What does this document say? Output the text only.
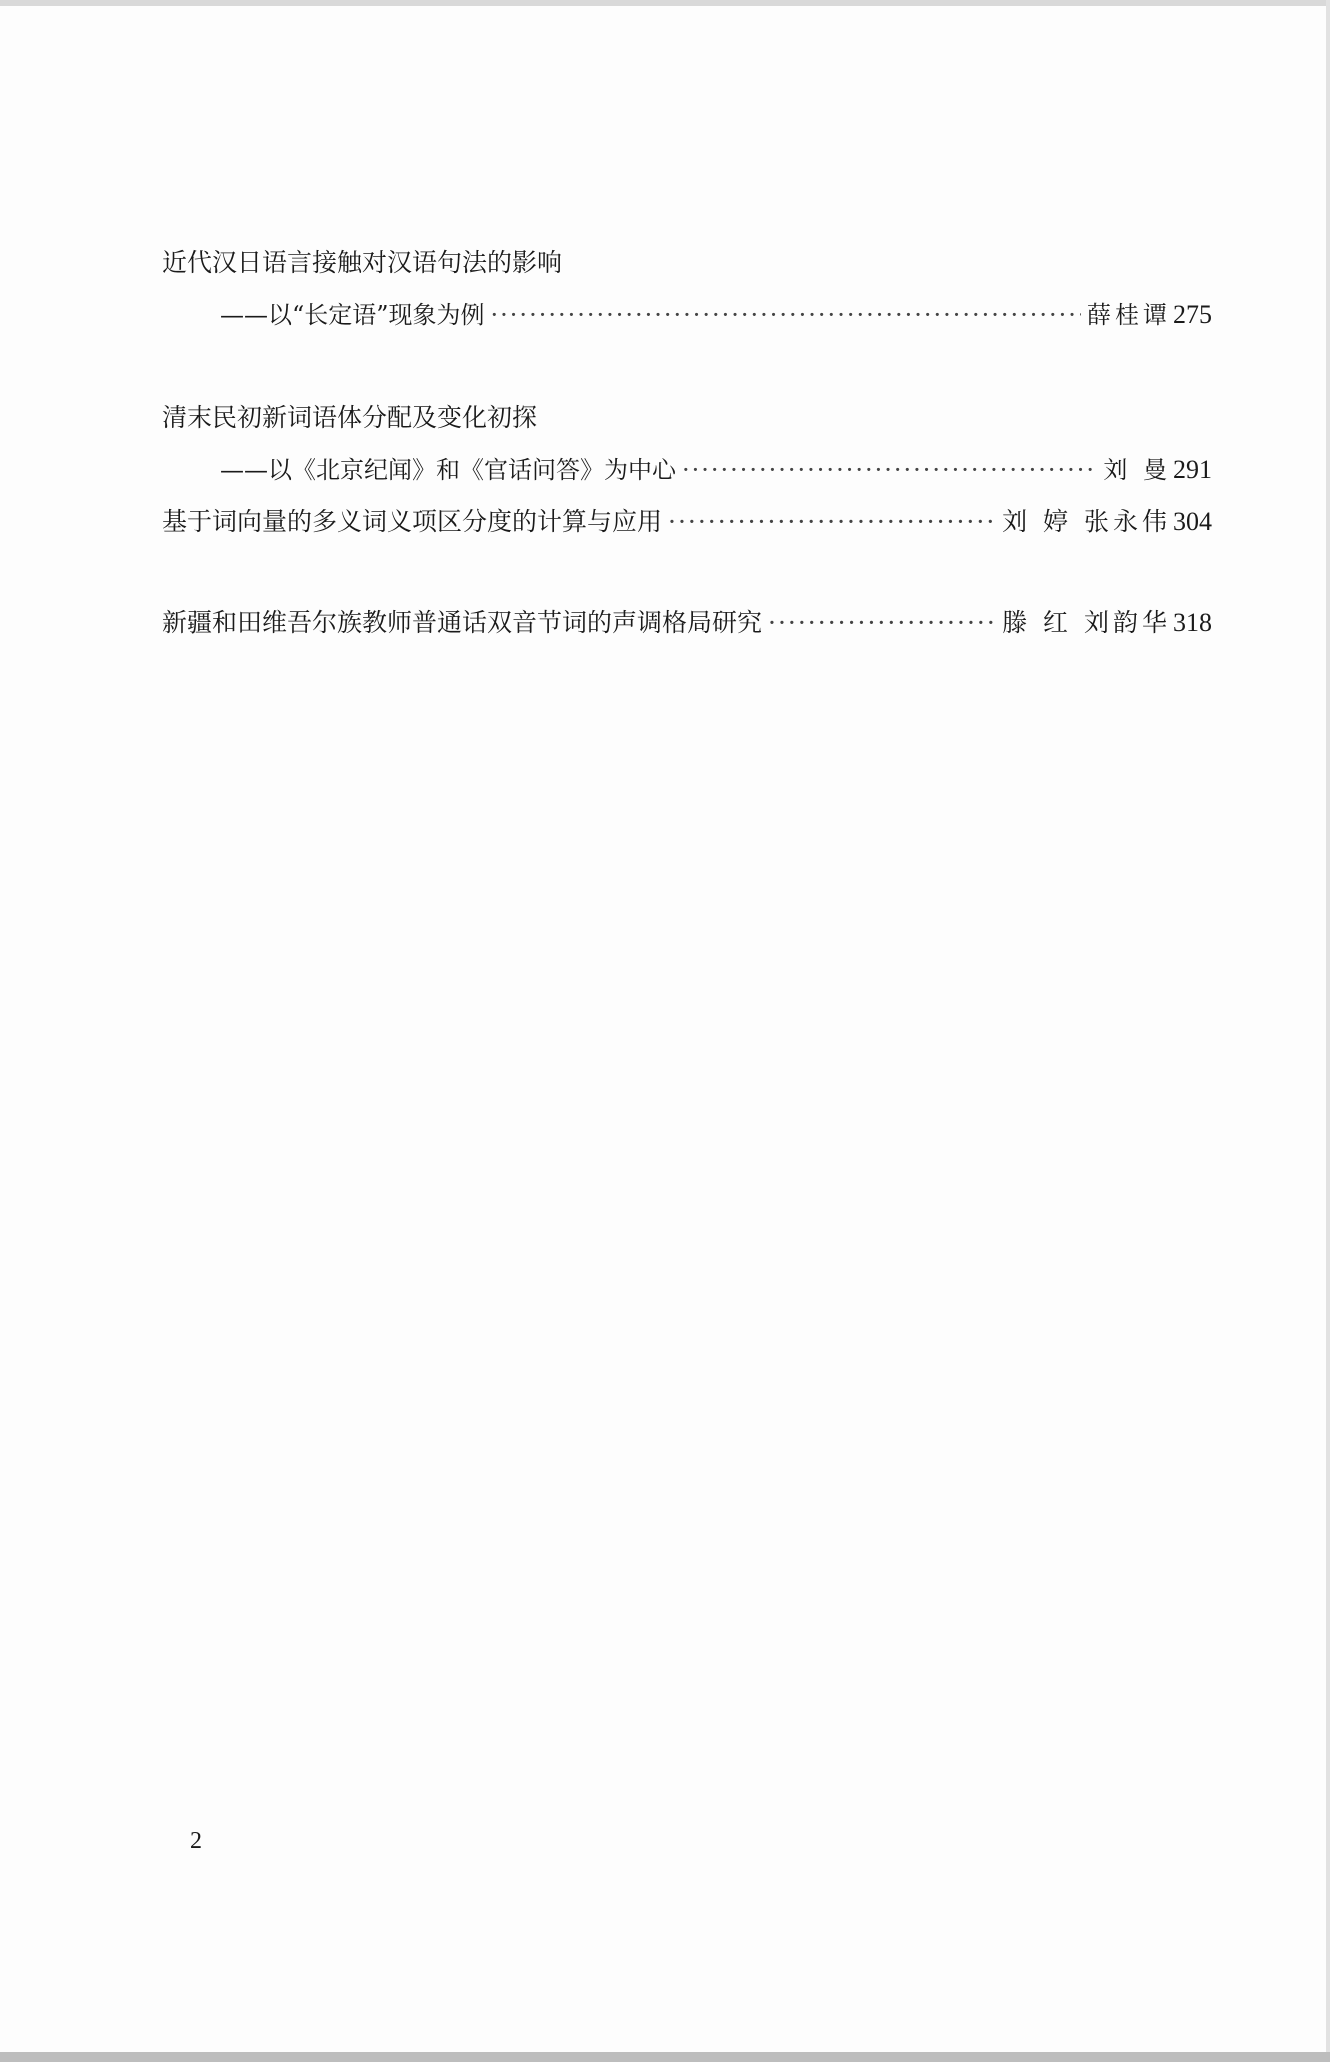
近代汉日语言接触对汉语句法的影响
——以“长定语”现象为例 ·····	薛桂谭 275
清末民初新词语体分配及变化初探
——以《北京纪闻》和《官话问答》为中心 ·····	刘 曼 291
基于词向量的多义词义项区分度的计算与应用 ·····	刘 婷 张永伟 304
新疆和田维吾尔族教师普通话双音节词的声调格局研究 ·····	滕 红 刘韵华 318
2
